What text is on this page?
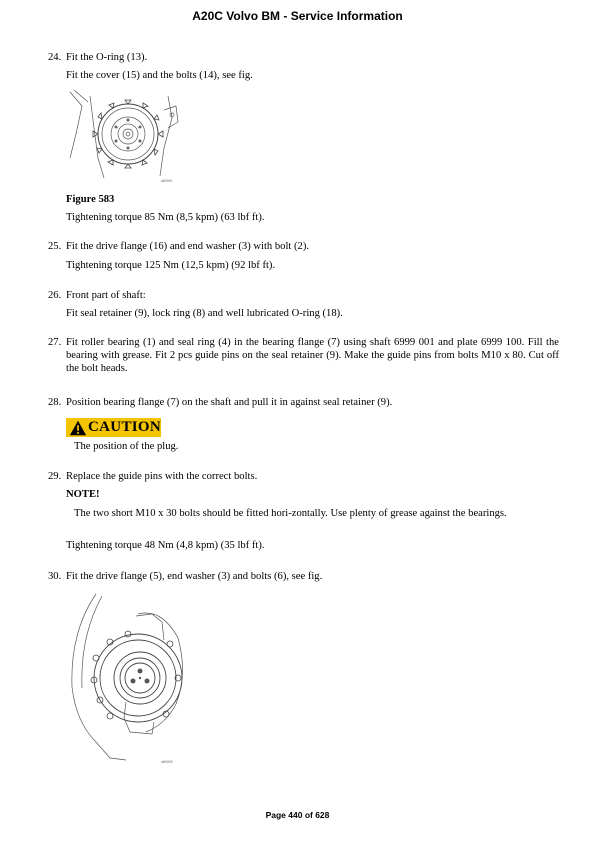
A20C Volvo BM - Service Information

24. Fit the O-ring (13).

Fit the cover (15) and the bolts (14), see fig.

a80001

Figure 583

Tightening torque 85 Nm (8,5 kpm) (63 lbf ft).

25. Fit the drive flange (16) and end washer (3) with bolt (2).

Tightening torque 125 Nm (12,5 kpm) (92 lbf ft).

26. Front part of shaft:

Fit seal retainer (9), lock ring (8) and well lubricated O-ring (18).

27. Fit roller bearing (1) and seal ring (4) in the bearing flange (7) using shaft 6999 001 and plate 6999 100. Fill the bearing with grease. Fit 2 pcs guide pins on the seal retainer (9). Make the guide pins from bolts M10 x 80. Cut off the bolt heads.

28. Position bearing flange (7) on the shaft and pull it in against seal retainer (9).

CAUTION

The position of the plug.

29. Replace the guide pins with the correct bolts.

NOTE!

The two short M10 x 30 bolts should be fitted hori-zontally. Use plenty of grease against the bearings.

Tightening torque 48 Nm (4,8 kpm) (35 lbf ft).

30. Fit the drive flange (5), end washer (3) and bolts (6), see fig.

a80000
Page 440 of 628
